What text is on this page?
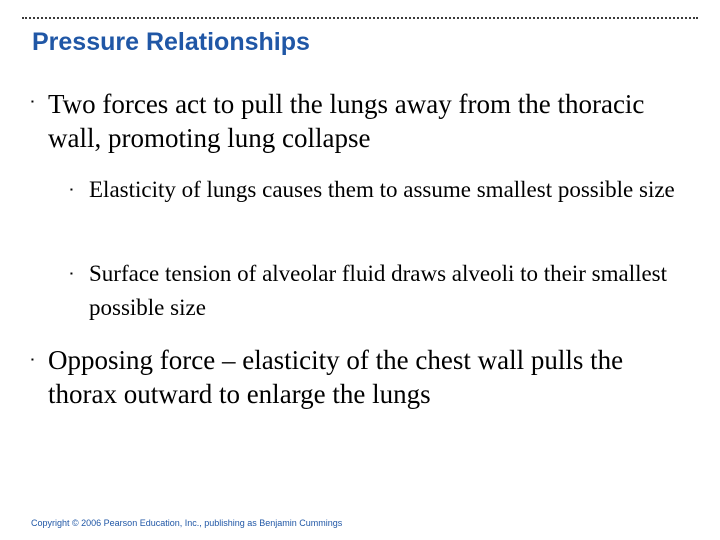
Pressure Relationships
▪ Two forces act to pull the lungs away from the thoracic wall, promoting lung collapse
▪ Elasticity of lungs causes them to assume smallest possible size
▪ Surface tension of alveolar fluid draws alveoli to their smallest possible size
▪ Opposing force – elasticity of the chest wall pulls the thorax outward to enlarge the lungs
Copyright © 2006 Pearson Education, Inc., publishing as Benjamin Cummings
